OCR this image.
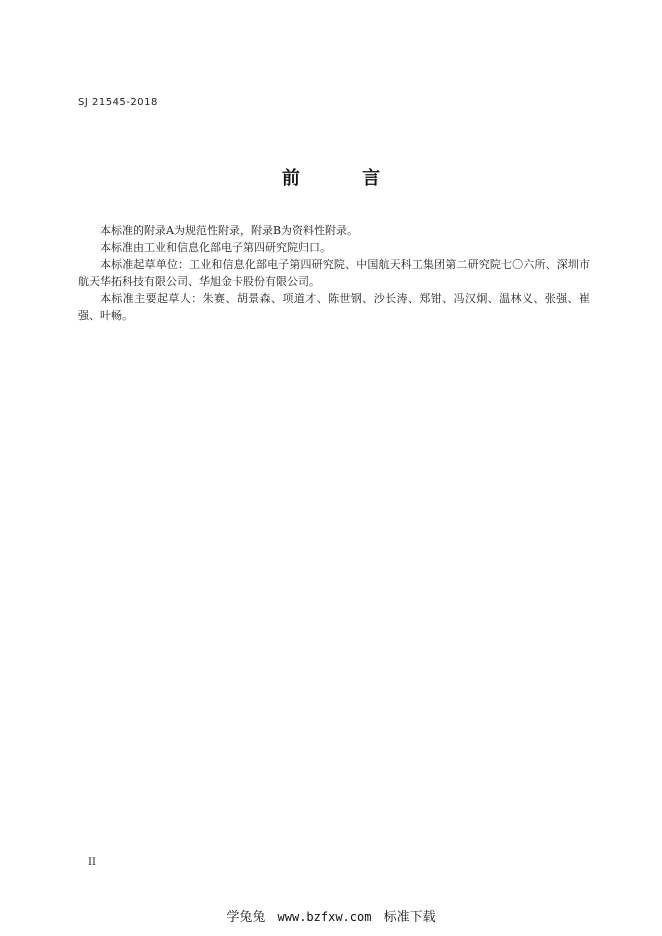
SJ 21545-2018
前 言

本标准的附录A为规范性附录，附录B为资料性附录。

本标准由工业和信息化部电子第四研究院归口。

本标准起草单位：工业和信息化部电子第四研究院、中国航天科工集团第二研究院七〇六所、深圳市航天华拓科技有限公司、华旭金卡股份有限公司。

本标准主要起草人：朱赛、胡景森、项道才、陈世钢、沙长涛、郑钳、冯汉炯、温林义、张强、崔强、叶畅。

II
学兔兔 www.bzfxw.com 标准下载
